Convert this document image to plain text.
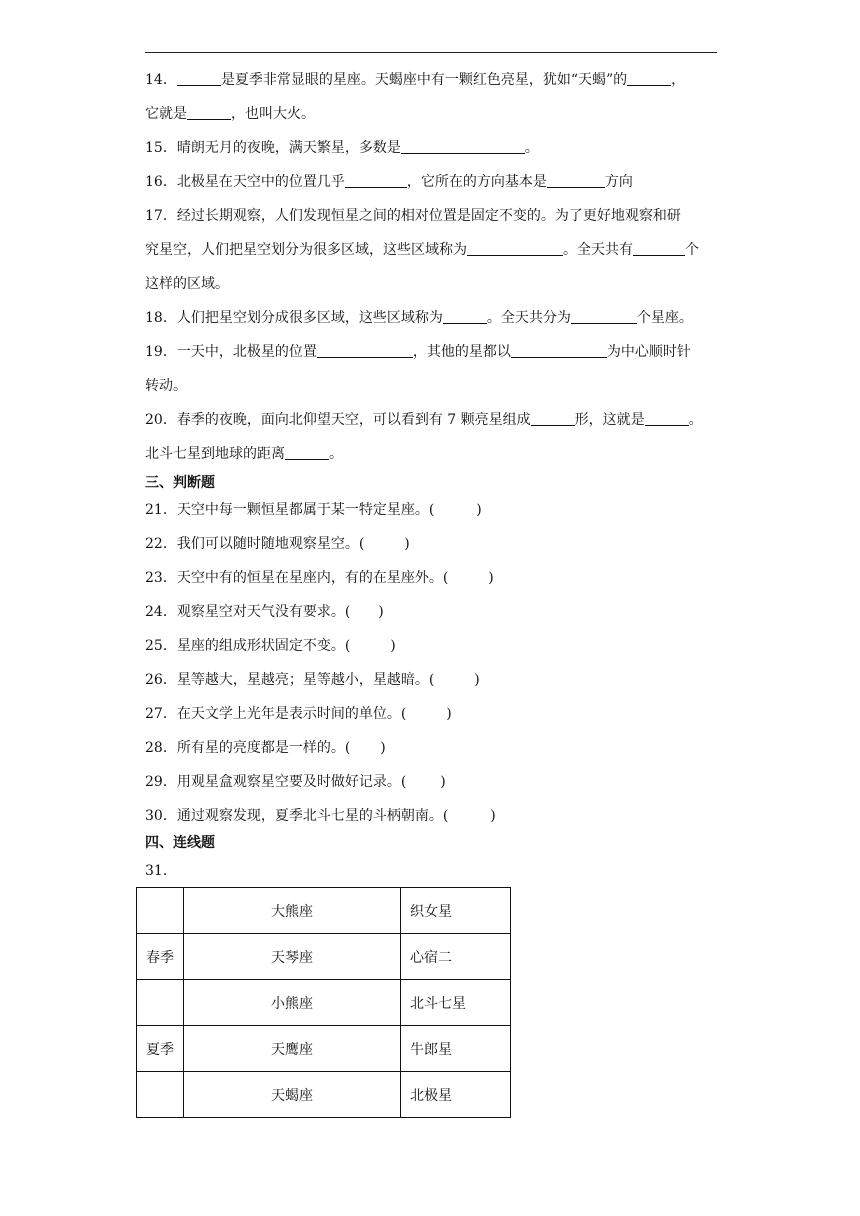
14．	是夏季非常显眼的星座。天蝎座中有一颗红色亮星，犹如“天蝎”的	，
它就是	，也叫大火。
15．晴朗无月的夜晚，满天繁星，多数是	。
16．北极星在天空中的位置几乎	，它所在的方向基本是	方向
17．经过长期观察，人们发现恒星之间的相对位置是固定不变的。为了更好地观察和研
究星空，人们把星空划分为很多区域，这些区域称为	。全天共有	个
这样的区域。
18．人们把星空划分成很多区域，这些区域称为	。全天共分为	个星座。
19．一天中，北极星的位置	，其他的星都以	为中心顺时针
转动。
20．春季的夜晚，面向北仰望天空，可以看到有 7 颗亮星组成	形，这就是	。
北斗七星到地球的距离	。
三、判断题
21．天空中每一颗恒星都属于某一特定星座。(	)
22．我们可以随时随地观察星空。(	)
23．天空中有的恒星在星座内，有的在星座外。(	)
24．观察星空对天气没有要求。( )
25．星座的组成形状固定不变。(	)
26．星等越大，星越亮；星等越小，星越暗。(	)
27．在天文学上光年是表示时间的单位。(	)
28．所有星的亮度都是一样的。( )
29．用观星盒观察星空要及时做好记录。( )
30．通过观察发现，夏季北斗七星的斗柄朝南。(	)
四、连线题
31．
	大熊座	织女星
春季	天琴座	心宿二
	小熊座	北斗七星
夏季	天鹰座	牛郎星
	天蝎座	北极星
